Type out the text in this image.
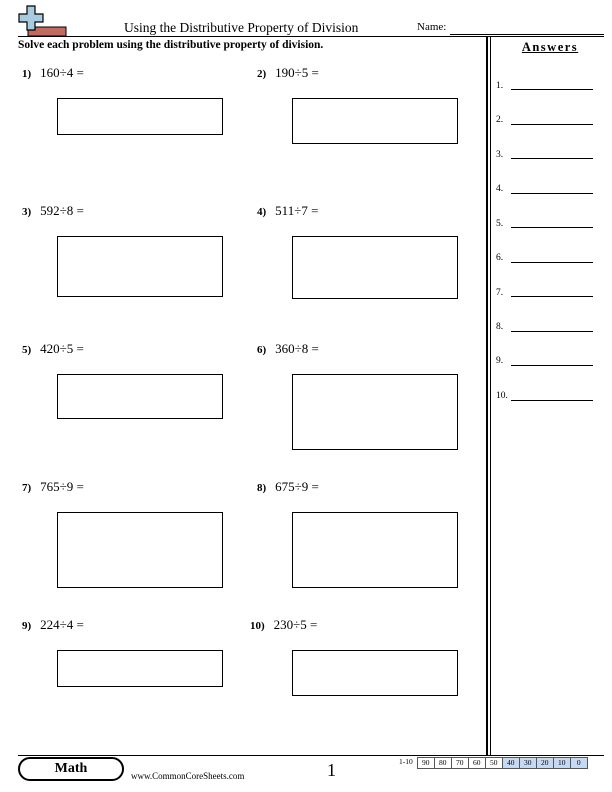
Using the Distributive Property of Division	Name:
Solve each problem using the distributive property of division.	Answers
1) 160÷4 =	2) 190÷5 =
3) 592÷8 =	4) 511÷7 =
5) 420÷5 =	6) 360÷8 =
7) 765÷9 =	8) 675÷9 =
9) 224÷4 =	10) 230÷5 =
1.
2.
3.
4.
5.
6.
7.
8.
9.
10.
Math	www.CommonCoreSheets.com	1	1-10	90	80	70	60	50	40	30	20	10	0
